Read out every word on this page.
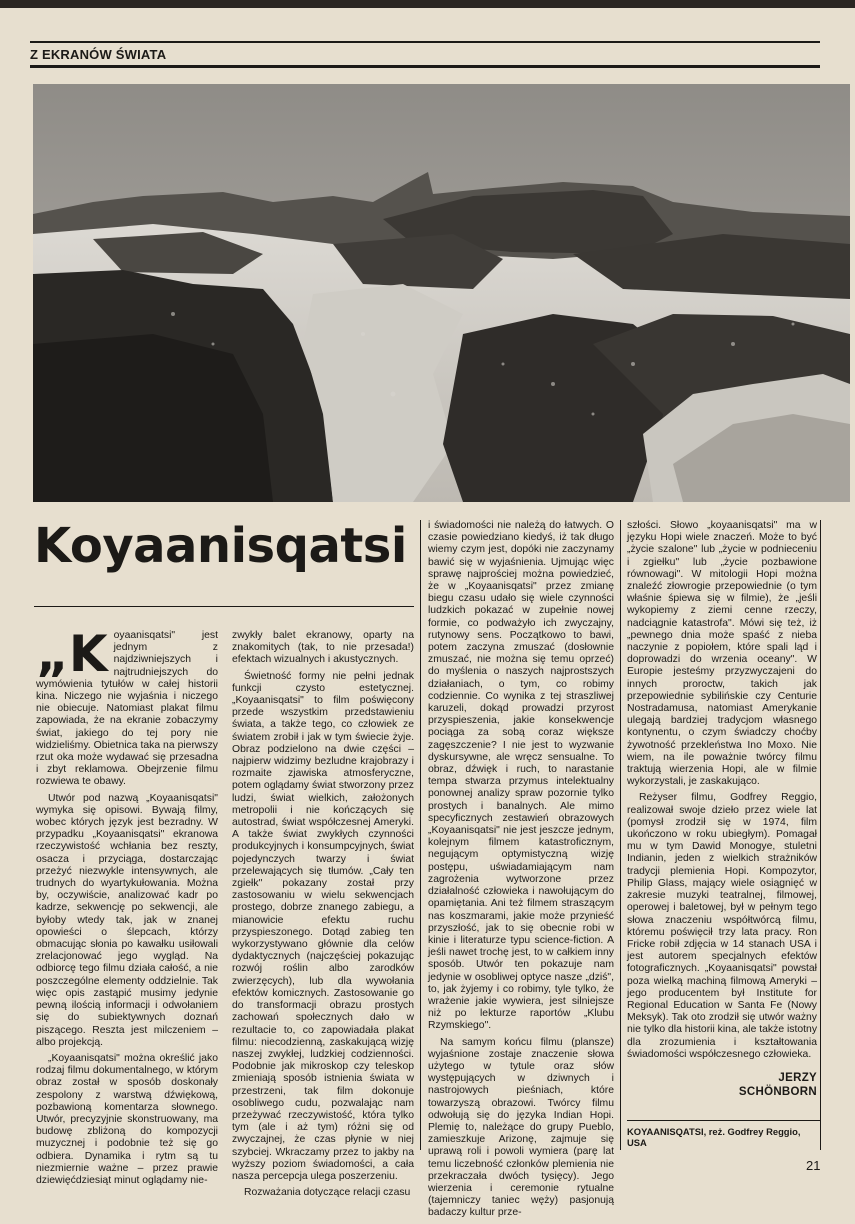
Z EKRANÓW ŚWIATA
Koyaanisqatsi

„Koyaanisqatsi" jest jednym z najdziwniejszych i najtrudniejszych do wymówienia tytułów w całej historii kina. Niczego nie wyjaśnia i niczego nie obiecuje. Natomiast plakat filmu zapowiada, że na ekranie zobaczymy świat, jakiego do tej pory nie widzieliśmy. Obietnica taka na pierwszy rzut oka może wydawać się przesadna i zbyt reklamowa. Obejrzenie filmu rozwiewa te obawy.

Utwór pod nazwą „Koyaanisqatsi" wymyka się opisowi. Bywają filmy, wobec których język jest bezradny. W przypadku „Koyaanisqatsi" ekranowa rzeczywistość wchłania bez reszty, osacza i przyciąga, dostarczając przeżyć niezwykle intensywnych, ale trudnych do wyartykułowania. Można by, oczywiście, analizować kadr po kadrze, sekwencję po sekwencji, ale byłoby wtedy tak, jak w znanej opowieści o ślepcach, którzy obmacując słonia po kawałku usiłowali zrelacjonować jego wygląd. Na odbiorcę tego filmu działa całość, a nie poszczególne elementy oddzielnie. Tak więc opis zastąpić musimy jedynie pewną ilością informacji i odwołaniem się do subiektywnych doznań piszącego. Reszta jest milczeniem – albo projekcją.

„Koyaanisqatsi" można określić jako rodzaj filmu dokumentalnego, w którym obraz został w sposób doskonały zespolony z warstwą dźwiękową, pozbawioną komentarza słownego. Utwór, precyzyjnie skonstruowany, ma budowę zbliżoną do kompozycji muzycznej i podobnie też się go odbiera. Dynamika i rytm są tu niezmiernie ważne – przez prawie dziewięćdziesiąt minut oglądamy nie-

zwykły balet ekranowy, oparty na znakomitych (tak, to nie przesada!) efektach wizualnych i akustycznych.

Świetność formy nie pełni jednak funkcji czysto estetycznej. „Koyaanisqatsi" to film poświęcony przede wszystkim przedstawieniu świata, a także tego, co człowiek ze światem zrobił i jak w tym świecie żyje. Obraz podzielono na dwie części – najpierw widzimy bezludne krajobrazy i rozmaite zjawiska atmosferyczne, potem oglądamy świat stworzony przez ludzi, świat wielkich, założonych metropolii i nie kończących się autostrad, świat współczesnej Ameryki. A także świat zwykłych czynności produkcyjnych i konsumpcyjnych, świat pojedynczych twarzy i świat przelewających się tłumów. „Cały ten zgiełk" pokazany został przy zastosowaniu w wielu sekwencjach prostego, dobrze znanego zabiegu, a mianowicie efektu ruchu przyspieszonego. Dotąd zabieg ten wykorzystywano głównie dla celów dydaktycznych (najczęściej pokazując rozwój roślin albo zarodków zwierzęcych), lub dla wywołania efektów komicznych. Zastosowanie go do transformacji obrazu prostych zachowań społecznych dało w rezultacie to, co zapowiadała plakat filmu: niecodzienną, zaskakującą wizję naszej zwykłej, ludzkiej codzienności. Podobnie jak mikroskop czy teleskop zmieniają sposób istnienia świata w przestrzeni, tak film dokonuje osobliwego cudu, pozwalając nam przeżywać rzeczywistość, która tylko tym (ale i aż tym) różni się od zwyczajnej, że czas płynie w niej szybciej. Wkraczamy przez to jakby na wyższy poziom świadomości, a cała nasza percepcja ulega poszerzeniu.

Rozważania dotyczące relacji czasu

i świadomości nie należą do łatwych. O czasie powiedziano kiedyś, iż tak długo wiemy czym jest, dopóki nie zaczynamy bawić się w wyjaśnienia. Ujmując więc sprawę najprościej można powiedzieć, że w „Koyaanisqatsi" przez zmianę biegu czasu udało się wiele czynności ludzkich pokazać w zupełnie nowej formie, co podważyło ich zwyczajny, rutynowy sens. Początkowo to bawi, potem zaczyna zmuszać (dosłownie zmuszać, nie można się temu oprzeć) do myślenia o naszych najprostszych działaniach, o tym, co robimy codziennie. Co wynika z tej straszliwej karuzeli, dokąd prowadzi przyrost przyspieszenia, jakie konsekwencje pociąga za sobą coraz większe zagęszczenie? I nie jest to wyzwanie dyskursywne, ale wręcz sensualne. To obraz, dźwięk i ruch, to narastanie tempa stwarza przymus intelektualny ponownej analizy spraw pozornie tylko prostych i banalnych. Ale mimo specyficznych zestawień obrazowych „Koyaanisqatsi" nie jest jeszcze jednym, kolejnym filmem katastroficznym, negującym optymistyczną wizję postępu, uświadamiającym nam zagrożenia wytworzone przez działalność człowieka i nawołującym do opamiętania. Ani też filmem straszącym nas koszmarami, jakie może przynieść przyszłość, jak to się obecnie robi w kinie i literaturze typu science-fiction. A jeśli nawet trochę jest, to w całkiem inny sposób. Utwór ten pokazuje nam jedynie w osobliwej optyce nasze „dziś", to, jak żyjemy i co robimy, tyle tylko, że wrażenie jakie wywiera, jest silniejsze niż po lekturze raportów „Klubu Rzymskiego".

Na samym końcu filmu (plansze) wyjaśnione zostaje znaczenie słowa użytego w tytule oraz słów występujących w dziwnych i nastrojowych pieśniach, które towarzyszą obrazowi. Twórcy filmu odwołują się do języka Indian Hopi. Plemię to, należące do grupy Pueblo, zamieszkuje Arizonę, zajmuje się uprawą roli i powoli wymiera (parę lat temu liczebność członków plemienia nie przekraczała dwóch tysięcy). Jego wierzenia i ceremonie rytualne (tajemniczy taniec węży) pasjonują badaczy kultur prze-

szłości. Słowo „koyaanisqatsi" ma w języku Hopi wiele znaczeń. Może to być „życie szalone" lub „życie w podnieceniu i zgiełku" lub „życie pozbawione równowagi". W mitologii Hopi można znaleźć złowrogie przepowiednie (o tym właśnie śpiewa się w filmie), że „jeśli wykopiemy z ziemi cenne rzeczy, nadciągnie katastrofa". Mówi się też, iż „pewnego dnia może spaść z nieba naczynie z popiołem, które spali ląd i doprowadzi do wrzenia oceany". W Europie jesteśmy przyzwyczajeni do innych proroctw, takich jak przepowiednie sybilińskie czy Centurie Nostradamusa, natomiast Amerykanie ulegają bardziej tradycjom własnego kontynentu, o czym świadczy choćby żywotność przekleństwa Ino Moxo. Nie wiem, na ile poważnie twórcy filmu traktują wierzenia Hopi, ale w filmie wykorzystali, je zaskakująco.

Reżyser filmu, Godfrey Reggio, realizował swoje dzieło przez wiele lat (pomysł zrodził się w 1974, film ukończono w roku ubiegłym). Pomagał mu w tym Dawid Monogye, stuletni Indianin, jeden z wielkich strażników tradycji plemienia Hopi. Kompozytor, Philip Glass, mający wiele osiągnięć w zakresie muzyki teatralnej, filmowej, operowej i baletowej, był w pełnym tego słowa znaczeniu współtwórcą filmu, któremu poświęcił trzy lata pracy. Ron Fricke robił zdjęcia w 14 stanach USA i jest autorem specjalnych efektów fotograficznych. „Koyaanisqatsi" powstał poza wielką machiną filmową Ameryki – jego producentem był Institute for Regional Education w Santa Fe (Nowy Meksyk). Tak oto zrodził się utwór ważny nie tylko dla historii kina, ale także istotny dla zrozumienia i kształtowania świadomości współczesnego człowieka.

JERZY
SCHÖNBORN
KOYAANISQATSI, reż. Godfrey Reggio, USA
21
